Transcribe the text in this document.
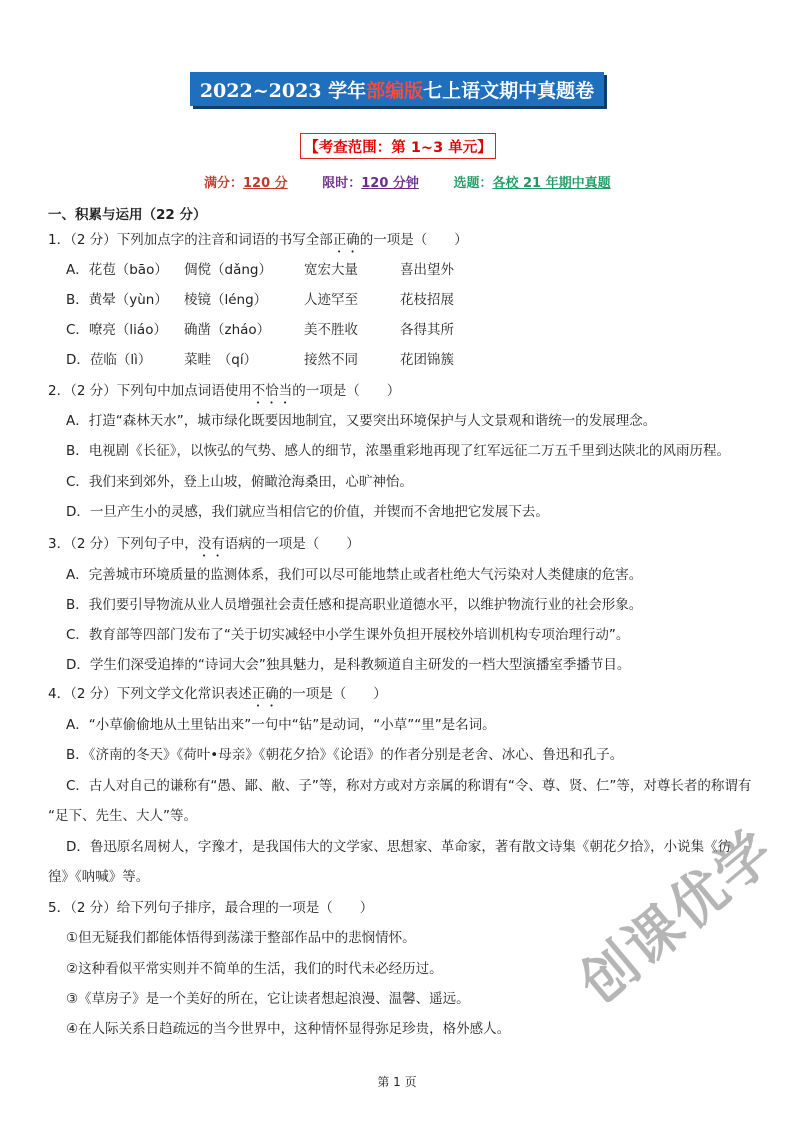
2022~2023 学年 部编版 七上语文期中真题卷
【考查范围：第 1~3 单元】
满分：120 分	限时：120 分钟	选题：各校 21 年期中真题
一、积累与运用（22 分）
1．（2 分）下列加点字的注音和词语的书写全部正确的一项是（　　）
A．花苞（bāo） 倜傥（dǎng） 宽宏大量	喜出望外
B．黄晕（yùn） 棱镜（léng）	人迹罕至	花枝招展
C．嘹亮（liáo） 确凿（zháo）	美不胜收	各得其所
D．莅临（lì） 菜畦　（qí）	接然不同	花团锦簇
2．（2 分）下列句中加点词语使用不恰当的一项是（　　）
A．打造“森林天水”，城市绿化既要因地制宜，又要突出环境保护与人文景观和谐统一的发展理念。
B．电视剧《长征》，以恢弘的气势、感人的细节，浓墨重彩地再现了红军远征二万五千里到达陕北的风雨历程。
C．我们来到郊外，登上山坡，俯瞰沧海桑田，心旷神怡。
D．一旦产生小的灵感，我们就应当相信它的价值，并锲而不舍地把它发展下去。
3．（2 分）下列句子中，没有语病的一项是（　　）
A．完善城市环境质量的监测体系，我们可以尽可能地禁止或者杜绝大气污染对人类健康的危害。
B．我们要引导物流从业人员增强社会责任感和提高职业道德水平，以维护物流行业的社会形象。
C．教育部等四部门发布了“关于切实减轻中小学生课外负担开展校外培训机构专项治理行动”。
D．学生们深受追捧的“诗词大会”独具魅力，是科教频道自主研发的一档大型演播室季播节目。
4．（2 分）下列文学文化常识表述正确的一项是（　　）
A．“小草偷偷地从土里钻出来”一句中“钻”是动词，“小草”“里”是名词。
B．《济南的冬天》《荷叶•母亲》《朝花夕拾》《论语》的作者分别是老舍、冰心、鲁迅和孔子。
C．古人对自己的谦称有“愚、鄙、敝、子”等，称对方或对方亲属的称谓有“令、尊、贤、仁”等，对尊长者的称谓有
“足下、先生、大人”等。
D．鲁迅原名周树人，字豫才，是我国伟大的文学家、思想家、革命家，著有散文诗集《朝花夕拾》，小说集《彷
徨》《呐喊》等。
5．（2 分）给下列句子排序，最合理的一项是（　　）
①但无疑我们都能体悟得到荡漾于整部作品中的悲悯情怀。
②这种看似平常实则并不简单的生活，我们的时代未必经历过。
③《草房子》是一个美好的所在，它让读者想起浪漫、温馨、遥远。
④在人际关系日趋疏远的当今世界中，这种情怀显得弥足珍贵，格外感人。
创课优学
第 1 页
